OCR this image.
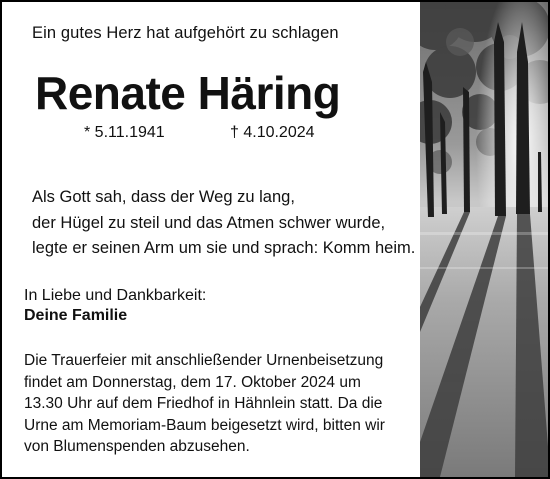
Ein gutes Herz hat aufgehört zu schlagen
Renate Häring
* 5.11.1941	† 4.10.2024
Als Gott sah, dass der Weg zu lang,
der Hügel zu steil und das Atmen schwer wurde,
legte er seinen Arm um sie und sprach: Komm heim.
In Liebe und Dankbarkeit:
Deine Familie
Die Trauerfeier mit anschließender Urnenbeisetzung
findet am Donnerstag, dem 17. Oktober 2024 um
13.30 Uhr auf dem Friedhof in Hähnlein statt. Da die
Urne am Memoriam-Baum beigesetzt wird, bitten wir
von Blumenspenden abzusehen.
